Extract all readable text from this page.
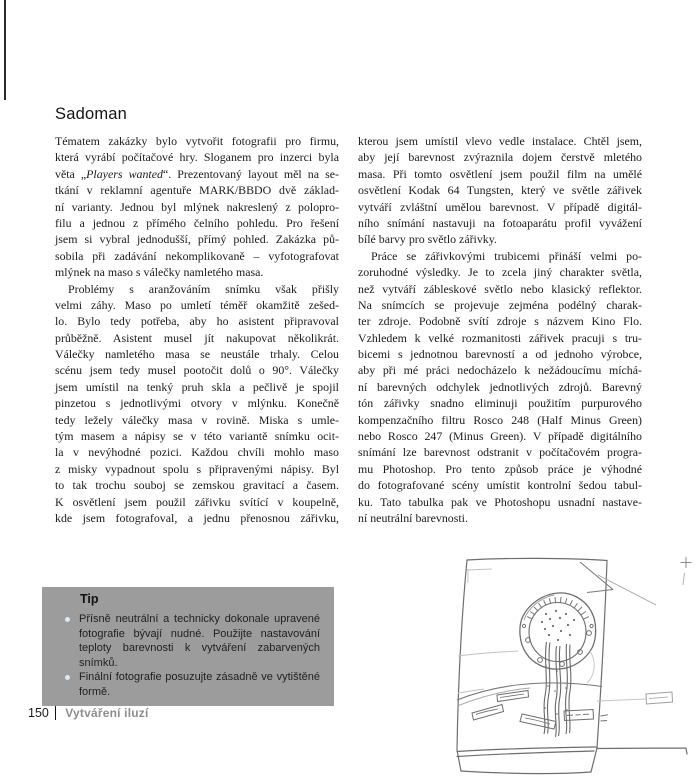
Sadoman
Tématem zakázky bylo vytvořit fotografii pro firmu,
která vyrábí počítačové hry. Sloganem pro inzerci byla
věta „Players wanted“. Prezentovaný layout měl na se-
tkání v reklamní agentuře MARK/BBDO dvě základ-
ní varianty. Jednou byl mlýnek nakreslený z polopro-
filu a jednou z přímého čelního pohledu. Pro řešení
jsem si vybral jednodušší, přímý pohled. Zakázka pů-
sobila při zadávání nekomplikovaně – vyfotografovat
mlýnek na maso s válečky namletého masa.
Problémy s aranžováním snímku však přišly
velmi záhy. Maso po umletí téměř okamžitě zešed-
lo. Bylo tedy potřeba, aby ho asistent připravoval
průběžně. Asistent musel jít nakupovat několikrát.
Válečky namletého masa se neustále trhaly. Celou
scénu jsem tedy musel pootočit dolů o 90°. Válečky
jsem umístil na tenký pruh skla a pečlivě je spojil
pinzetou s jednotlivými otvory v mlýnku. Konečně
tedy ležely válečky masa v rovině. Miska s umle-
tým masem a nápisy se v této variantě snímku ocit-
la v nevýhodné pozici. Každou chvíli mohlo maso
z misky vypadnout spolu s připravenými nápisy. Byl
to tak trochu souboj se zemskou gravitací a časem.
K osvětlení jsem použil zářivku svítící v koupelně,
kde jsem fotografoval, a jednu přenosnou zářivku,
kterou jsem umístil vlevo vedle instalace. Chtěl jsem,
aby její barevnost zvýraznila dojem čerstvě mletého
masa. Při tomto osvětlení jsem použil film na umělé
osvětlení Kodak 64 Tungsten, který ve světle zářivek
vytváří zvláštní umělou barevnost. V případě digitál-
ního snímání nastavuji na fotoaparátu profil vyvážení
bílé barvy pro světlo zářivky.
Práce se zářivkovými trubicemi přináší velmi po-
zoruhodné výsledky. Je to zcela jiný charakter světla,
než vytváří zábleskové světlo nebo klasický reflektor.
Na snímcích se projevuje zejména podélný charak-
ter zdroje. Podobně svítí zdroje s názvem Kino Flo.
Vzhledem k velké rozmanitosti zářivek pracuji s tru-
bicemi s jednotnou barevností a od jednoho výrobce,
aby při mé práci nedocházelo k nežádoucímu míchá-
ní barevných odchylek jednotlivých zdrojů. Barevný
tón zářivky snadno eliminuji použitím purpurového
kompenzačního filtru Rosco 248 (Half Minus Green)
nebo Rosco 247 (Minus Green). V případě digitálního
snímání lze barevnost odstranit v počítačovém progra-
mu Photoshop. Pro tento způsob práce je výhodné
do fotografované scény umístit kontrolní šedou tabul-
ku. Tato tabulka pak ve Photoshopu usnadní nastave-
ní neutrální barevnosti.
Tip
Přísně neutrální a technicky dokonale upravené fotografie bývají nudné. Použijte nastavování teploty barevnosti k vytváření zabarvených snímků.
Finální fotografie posuzujte zásadně ve vytištěné formě.
150 Vytváření iluzí
